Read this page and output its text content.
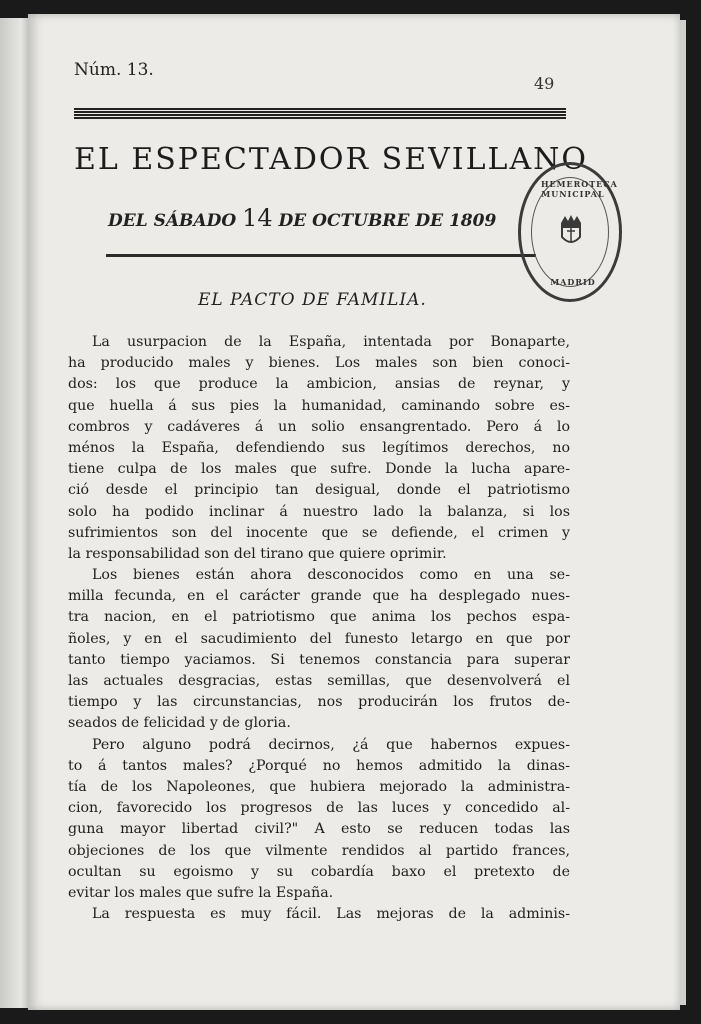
Núm. 13.
49
EL ESPECTADOR SEVILLANO
DEL SÁBADO 14 DE OCTUBRE DE 1809
EL PACTO DE FAMILIA.
HEMEROTECA MUNICIPAL
MADRID
La usurpacion de la España, intentada por Bonaparte,
ha producido males y bienes. Los males son bien conoci-
dos: los que produce la ambicion, ansias de reynar, y
que huella á sus pies la humanidad, caminando sobre es-
combros y cadáveres á un solio ensangrentado. Pero á lo
ménos la España, defendiendo sus legítimos derechos, no
tiene culpa de los males que sufre. Donde la lucha apare-
ció desde el principio tan desigual, donde el patriotismo
solo ha podido inclinar á nuestro lado la balanza, si los
sufrimientos son del inocente que se defiende, el crimen y
la responsabilidad son del tirano que quiere oprimir.
Los bienes están ahora desconocidos como en una se-
milla fecunda, en el carácter grande que ha desplegado nues-
tra nacion, en el patriotismo que anima los pechos espa-
ñoles, y en el sacudimiento del funesto letargo en que por
tanto tiempo yaciamos. Si tenemos constancia para superar
las actuales desgracias, estas semillas, que desenvolverá el
tiempo y las circunstancias, nos producirán los frutos de-
seados de felicidad y de gloria.
Pero alguno podrá decirnos, ¿á que habernos expues-
to á tantos males? ¿Porqué no hemos admitido la dinas-
tía de los Napoleones, que hubiera mejorado la administra-
cion, favorecido los progresos de las luces y concedido al-
guna mayor libertad civil?" A esto se reducen todas las
objeciones de los que vilmente rendidos al partido frances,
ocultan su egoismo y su cobardía baxo el pretexto de
evitar los males que sufre la España.
La respuesta es muy fácil. Las mejoras de la adminis-
